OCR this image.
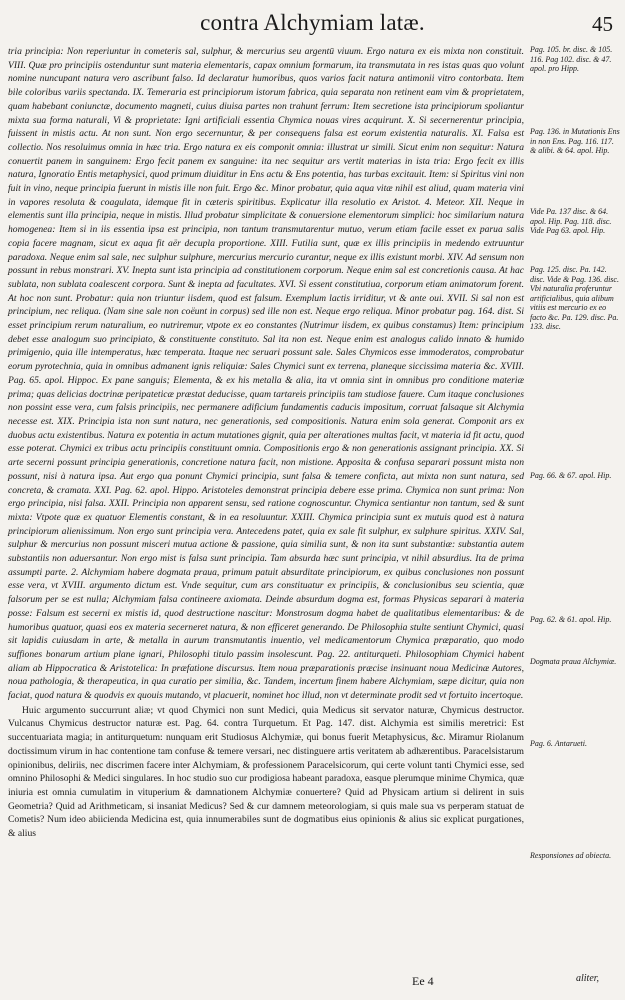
contra Alchymiam latæ.	45

tria principia: Non reperiuntur in cometeris sal, sulphur, & mercurius seu argentū viuum. Ergo natura ex eis mixta non constituit. VIII. Quæ pro principiis ostenduntur sunt materia elementaris, capax omnium formarum, ita transmutata in res istas quas quo volunt nomine nuncupant natura vero ascribunt falso. Id declaratur humoribus, quos varios facit natura antimonii vitro contorbata. Item bile coloribus variis spectanda. IX. Temeraria est principiorum istorum fabrica, quia separata non retinent eam vim & proprietatem, quam habebant coniunctæ, documento magneti, cuius diuisa partes non trahunt ferrum: Item secretione ista principiorum spoliantur mixta sua forma naturali, Vi & proprietate: Igni artificiali essentia Chymica nouas vires acquirunt. X. Si secernerentur principia, fuissent in mistis actu. At non sunt. Non ergo secernuntur, & per consequens falsa est eorum existentia naturalis. XI. Falsa est collectio. Nos resoluimus omnia in hæc tria. Ergo natura ex eis componit omnia: illustrat ur simili. Sicut enim non sequitur: Natura conuertit panem in sanguinem: Ergo fecit panem ex sanguine: ita nec sequitur ars vertit materias in ista tria: Ergo fecit ex illis natura, Ignoratio Entis metaphysici, quod primum diuiditur in Ens actu & Ens potentia, has turbas excitauit. Item: si Spiritus vini non fuit in vino, neque principia fuerunt in mistis ille non fuit. Ergo &c. Minor probatur, quia aqua vitæ nihil est aliud, quam materia vini in vapores resoluta & coagulata, idemque fit in cæteris spiritibus. Explicatur illa resolutio ex Aristot. 4. Meteor. XII. Neque in elementis sunt illa principia, neque in mistis. Illud probatur simplicitate & conuersione elementorum simplici: hoc similarium natura homogenea: Item si in iis essentia ipsa est principia, non tantum transmutarentur mutuo, verum etiam facile esset ex parua salis copia facere magnam, sicut ex aqua fit aër decupla proportione. XIII. Futilia sunt, quæ ex illis principiis in medendo extruuntur paradoxa. Neque enim sal sale, nec sulphur sulphure, mercurius mercurio curantur, neque ex illis existunt morbi. XIV. Ad sensum non possunt in rebus monstrari. XV. Inepta sunt ista principia ad constitutionem corporum. Neque enim sal est concretionis causa. At hac sublata, non sublata coalescent corpora. Sunt & inepta ad facultates. XVI. Si essent constitutiua, corporum etiam animatorum forent. At hoc non sunt. Probatur: quia non triuntur iisdem, quod est falsum. Exemplum lactis irriditur, vt & ante oui. XVII. Si sal non est principium, nec reliqua. (Nam sine sale non coëunt in corpus) sed ille non est. Neque ergo reliqua. Minor probatur pag. 164. dist. Si esset principium rerum naturalium, eo nutriremur, vtpote ex eo constantes (Nutrimur iisdem, ex quibus constamus) Item: principium debet esse analogum suo principiato, & constituente constituto. Sal ita non est. Neque enim est analogus calido innato & humido primigenio, quia ille intemperatus, hæc temperata. Itaque nec seruari possunt sale. Sales Chymicos esse immoderatos, comprobatur eorum pyrotechnia, quia in omnibus admanent ignis reliquiæ: Sales Chymici sunt ex terrena, planeque siccissima materia &c. XVIII. Pag. 65. apol. Hippoc. Ex pane sanguis; Elementa, & ex his metalla & alia, ita vt omnia sint in omnibus pro conditione materiæ prima; quas delicias doctrinæ peripateticæ præstat deducisse, quam tartareis principiis tam studiose fauere. Cum itaque conclusiones non possint esse vera, cum falsis principiis, nec permanere adificium fundamentis caducis impositum, corruat falsaque sit Alchymia necesse est. XIX. Principia ista non sunt natura, nec generationis, sed compositionis. Natura enim sola generat. Componit ars ex duobus actu existentibus. Natura ex potentia in actum mutationes gignit, quia per alterationes multas facit, vt materia id fit actu, quod esse poterat. Chymici ex tribus actu principiis constituunt omnia. Compositionis ergo & non generationis assignant principia. XX. Si arte secerni possunt principia generationis, concretione natura facit, non mistione. Apposita & confusa separari possunt mista non possunt, nisi à natura ipsa. Aut ergo qua ponunt Chymici principia, sunt falsa & temere conficta, aut mixta non sunt natura, sed concreta, & cramata. XXI. Pag. 62. apol. Hippo. Aristoteles demonstrat principia debere esse prima. Chymica non sunt prima: Non ergo principia, nisi falsa. XXII. Principia non apparent sensu, sed ratione cognoscuntur. Chymica sentiantur non tantum, sed & sunt mixta: Vtpote quæ ex quatuor Elementis constant, & in ea resoluuntur. XXIII. Chymica principia sunt ex mutuis quod est à natura principiorum alienissimum. Non ergo sunt principia vera. Antecedens patet, quia ex sale fit sulphur, ex sulphure spiritus. XXIV. Sal, sulphur & mercurius non possunt misceri mutua actione & passione, quia similia sunt, & non ita sunt substantiæ: substantia autem substantiis non aduersantur. Non ergo mist is falsa sunt principia. Tam absurda hæc sunt principia, vt nihil absurdius. Ita de prima assumpti parte. 2. Alchymiam habere dogmata praua, primum patuit absurditate principiorum, ex quibus conclusiones non possunt esse vera, vt XVIII. argumento dictum est. Vnde sequitur, cum ars constituatur ex principiis, & conclusionibus seu scientia, quæ falsorum per se est nulla; Alchymiam falsa contineere axiomata. Deinde absurdum dogma est, formas Physicas separari à materia posse: Falsum est secerni ex mistis id, quod destructione nascitur: Monstrosum dogma habet de qualitatibus elementaribus: & de humoribus quatuor, quasi eos ex materia secerneret natura, & non efficeret generando. De Philosophia stulte sentiunt Chymici, quasi sit lapidis cuiusdam in arte, & metalla in aurum transmutantis inuentio, vel medicamentorum Chymica præparatio, quo modo suffiones bonarum artium plane ignari, Philosophi titulo passim insolescunt. Pag. 22. antiturqueti. Philosophiam Chymici habent aliam ab Hippocratica & Aristotelica: In præfatione discursus. Item noua præparationis præcise insinuant noua Medicinæ Autores, noua pathologia, & therapeutica, in qua curatio per similia, &c. Tandem, incertum finem habere Alchymiam, sæpe dicitur, quia non faciat, quod natura & quodvis ex quouis mutando, vt placuerit, nominet hoc illud, non vt determinate prodit sed vt fortuito incertoque.

Huic argumento succurrunt aliæ; vt quod Chymici non sunt Medici, quia Medicus sit servator naturæ, Chymicus destructor. Vulcanus Chymicus destructor naturæ est. Pag. 64. contra Turquetum. Et Pag. 147. dist. Alchymia est similis meretrici: Est succentuariata magia; in antiturquetum: nunquam erit Studiosus Alchymiæ, qui bonus fuerit Metaphysicus, &c. Miramur Riolanum doctissimum virum in hac contentione tam confuse & temere versari, nec distinguere artis veritatem ab adhærentibus. Paracelsistarum opinionibus, deliriis, nec discrimen facere inter Alchymiam, & professionem Paracelsicorum, qui certe volunt tanti Chymici esse, sed omnino Philosophi & Medici singulares. In hoc studio suo cur prodigiosa habeant paradoxa, easque plerumque minime Chymica, quæ iniuria est omnia cumulatim in vituperium & damnationem Alchymiæ conuertere? Quid ad Physicam artium si delirent in suis Geometria? Quid ad Arithmeticam, si insaniat Medicus? Sed & cur damnem meteorologiam, si quis male sua vs perperam statuat de Cometis? Num ideo abiicienda Medicina est, quia innumerabiles sunt de dogmatibus eius opinionis & alius sic explicat purgationes, & alius

Pag. 105. br. disc. & 105. 116. Pag 102. disc. & 47. apol. pro Hipp.
Pag. 136. in Mutationis Ens in non Ens. Pag. 116. 117. & alibi. & 64. apol. Hip.
Vide Pa. 137 disc. & 64. apol. Hip. Pag. 118. disc. Vide Pag 63. apol. Hip.
Pag. 125. disc. Pa. 142. disc. Vide & Pag. 136. disc. Vbi naturalia proferuntur artificialibus, quia alibum vitiis est mercurio ex eo facto &c. Pa. 129. disc. Pa. 133. disc.
Pag. 66. & 67. apol. Hip.
Pag. 62. & 61. apol. Hip.
Dogmata praua Alchymiæ.
Pag. 6. Antarueti.
Responsiones ad obiecta.
Ee 4	aliter,
